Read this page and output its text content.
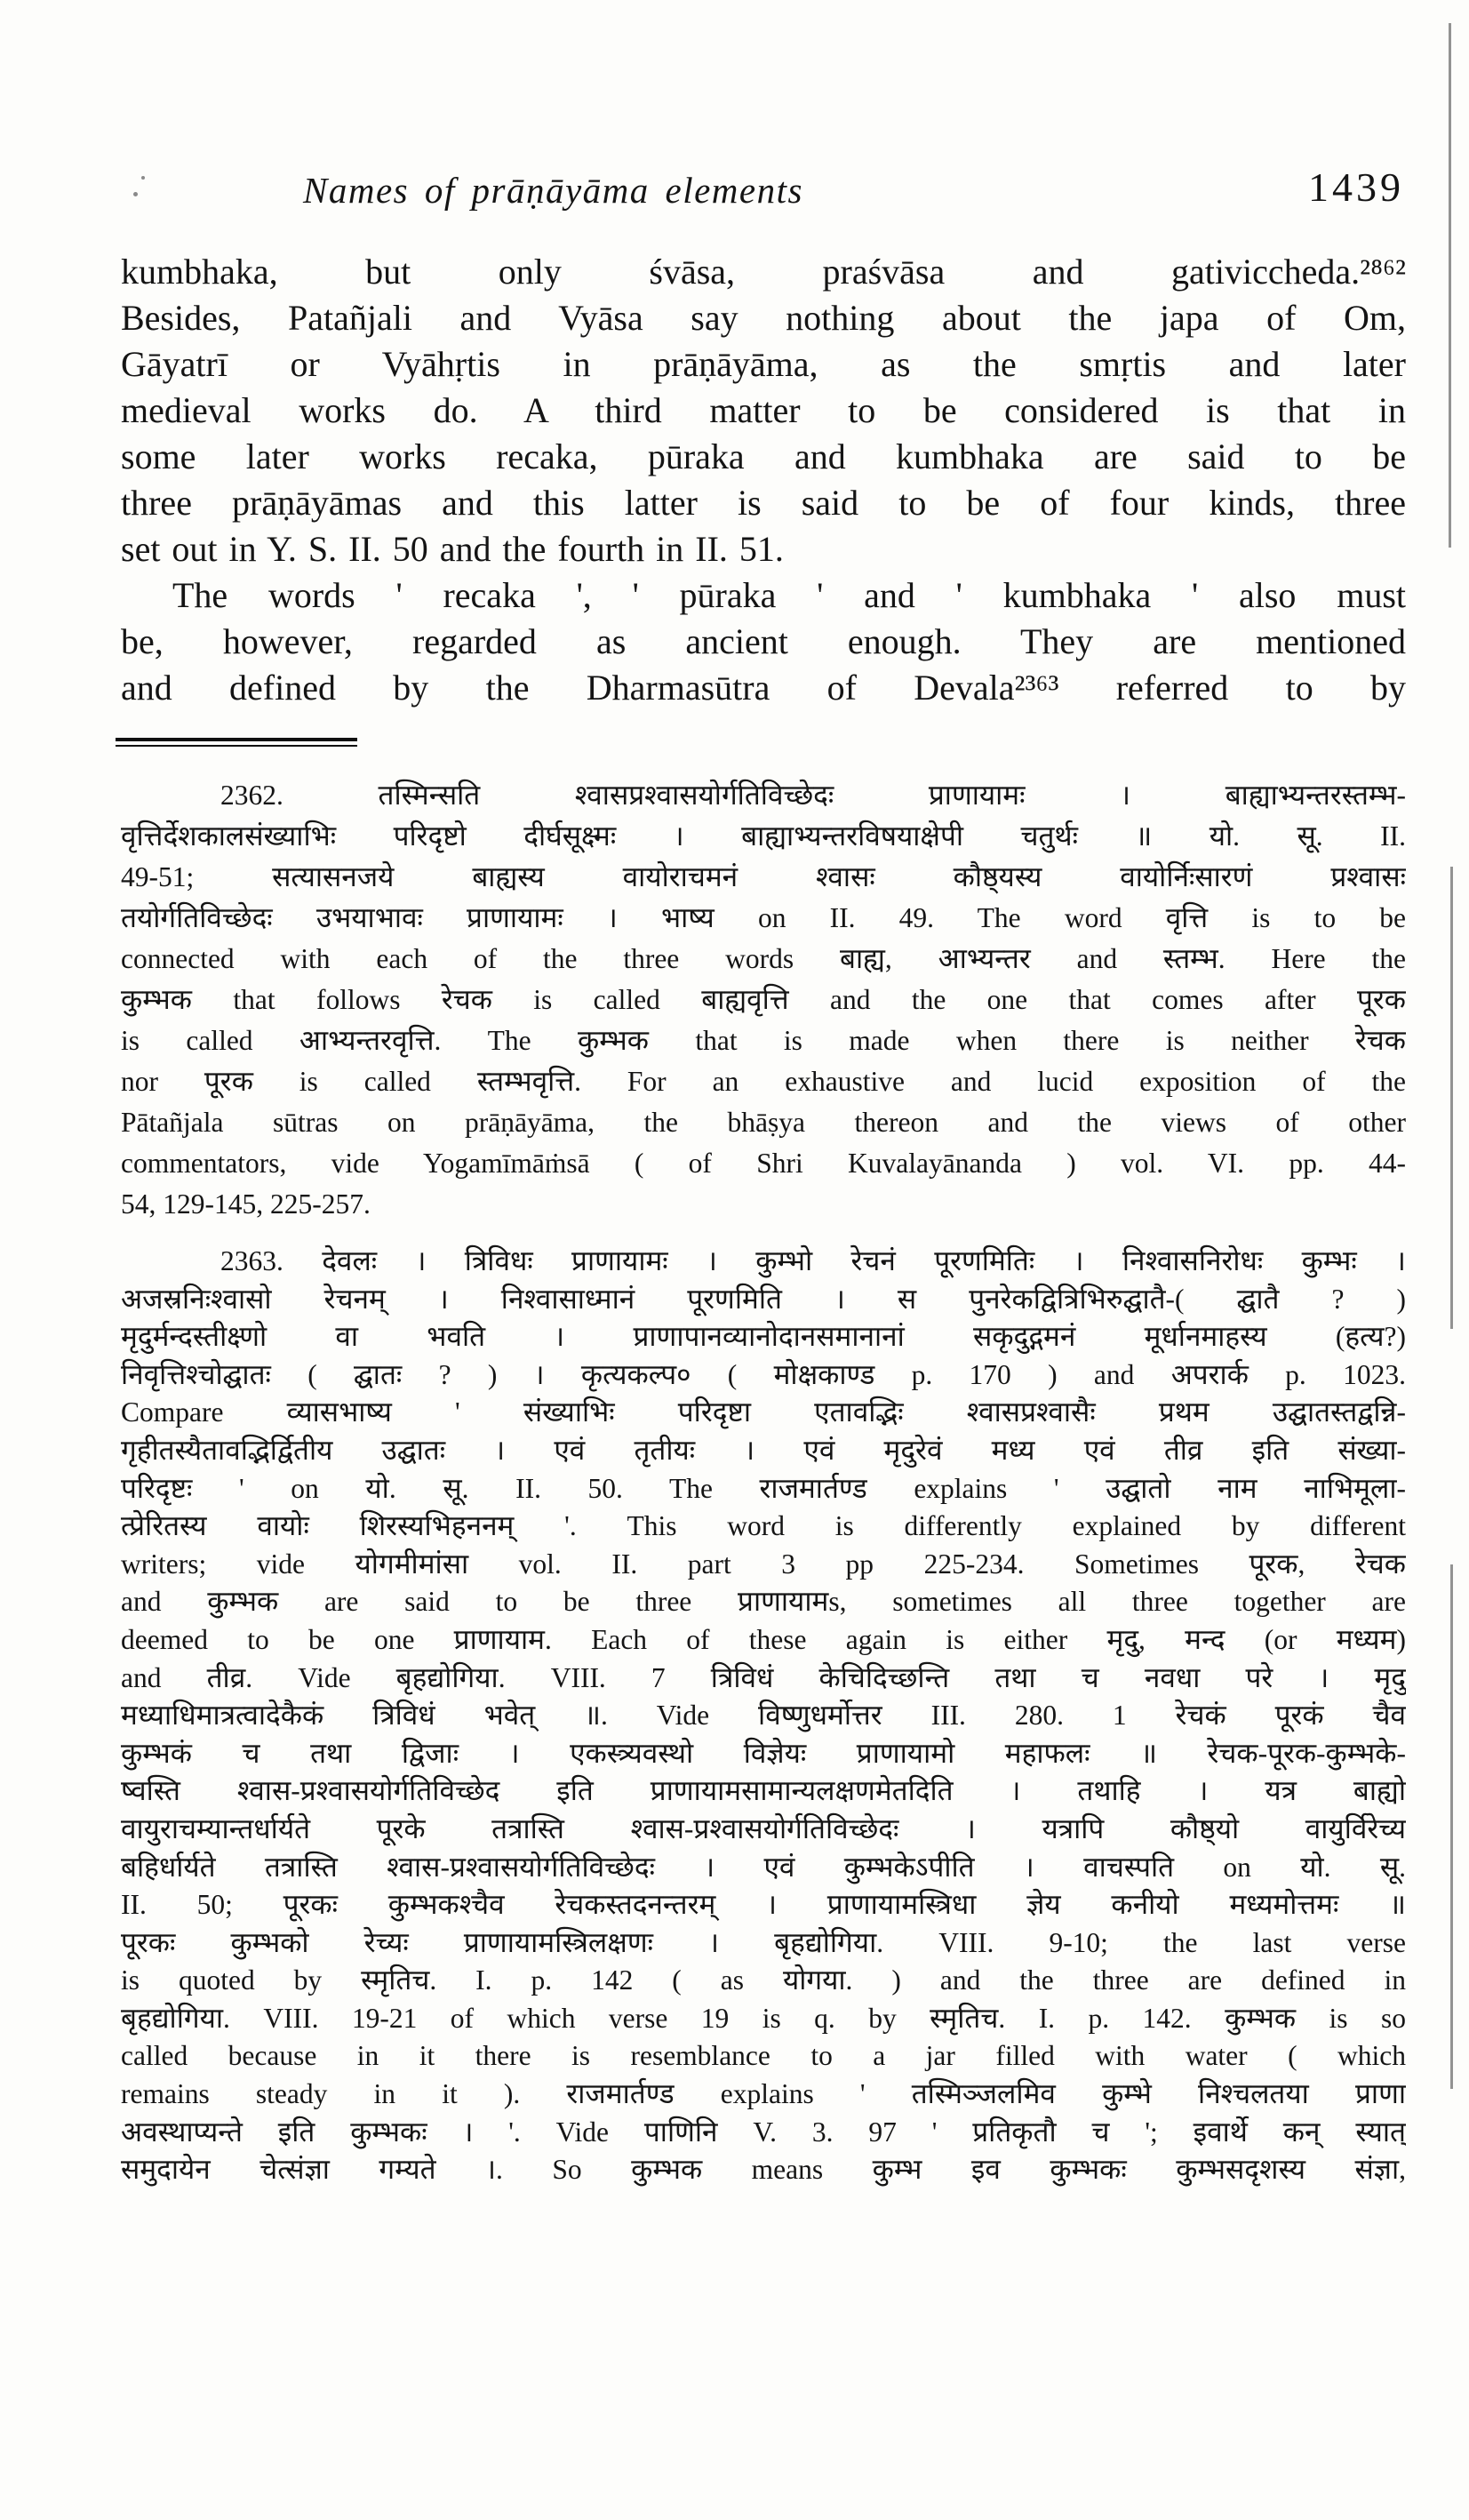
Names of prāṇāyāma elements	1439
kumbhaka, but only śvāsa, praśvāsa and gativiccheda.²⁸⁶²
Besides, Patañjali and Vyāsa say nothing about the japa of Om,
Gāyatrī or Vyāhṛtis in prāṇāyāma, as the smṛtis and later
medieval works do. A third matter to be considered is that in
some later works recaka, pūraka and kumbhaka are said to be
three prāṇāyāmas and this latter is said to be of four kinds, three
set out in Y. S. II. 50 and the fourth in II. 51.
The words ' recaka ', ' pūraka ' and ' kumbhaka ' also must
be, however, regarded as ancient enough. They are mentioned
and defined by the Dharmasūtra of Devala²³⁶³ referred to by
2362. तस्मिन्सति श्वासप्रश्वासयोर्गतिविच्छेदः प्राणायामः । बाह्याभ्यन्तरस्तम्भ-
वृत्तिर्देशकालसंख्याभिः परिदृष्टो दीर्घसूक्ष्मः । बाह्याभ्यन्तरविषयाक्षेपी चतुर्थः ॥ यो. सू. II.
49-51; सत्यासनजये बाह्यस्य वायोराचमनं श्वासः कौष्ठ्यस्य वायोर्निःसारणं प्रश्वासः
तयोर्गतिविच्छेदः उभयाभावः प्राणायामः । भाष्य on II. 49. The word वृत्ति is to be
connected with each of the three words बाह्य, आभ्यन्तर and स्तम्भ. Here the
कुम्भक that follows रेचक is called बाह्यवृत्ति and the one that comes after पूरक
is called आभ्यन्तरवृत्ति. The कुम्भक that is made when there is neither रेचक
nor पूरक is called स्तम्भवृत्ति. For an exhaustive and lucid exposition of the
Pātañjala sūtras on prāṇāyāma, the bhāṣya thereon and the views of other
commentators, vide Yogamīmāṁsā ( of Shri Kuvalayānanda ) vol. VI. pp. 44-
54, 129-145, 225-257.
2363. देवलः । त्रिविधः प्राणायामः । कुम्भो रेचनं पूरणमितिः । निश्वासनिरोधः कुम्भः ।
अजस्रनिःश्वासो रेचनम् । निश्वासाध्मानं पूरणमिति । स पुनरेकद्वित्रिभिरुद्घातै-( द्घातै ? )
मृदुर्मन्दस्तीक्ष्णो वा भवति । प्राणापानव्यानोदानसमानानां सकृदुद्गमनं मूर्धानमाहस्य (हत्य?)
निवृत्तिश्चोद्घातः ( द्घातः ? ) । कृत्यकल्प० ( मोक्षकाण्ड p. 170 ) and अपरार्क p. 1023.
Compare व्यासभाष्य ' संख्याभिः परिदृष्टा एतावद्भिः श्वासप्रश्वासैः प्रथम उद्घातस्तद्वन्नि-
गृहीतस्यैतावद्भिर्द्वितीय उद्घातः । एवं तृतीयः । एवं मृदुरेवं मध्य एवं तीव्र इति संख्या-
परिदृष्टः ' on यो. सू. II. 50. The राजमार्तण्ड explains ' उद्घातो नाम नाभिमूला-
त्प्रेरितस्य वायोः शिरस्यभिहननम् '. This word is differently explained by different
writers; vide योगमीमांसा vol. II. part 3 pp 225-234. Sometimes पूरक, रेचक
and कुम्भक are said to be three प्राणायामs, sometimes all three together are
deemed to be one प्राणायाम. Each of these again is either मृदु, मन्द (or मध्यम)
and तीव्र. Vide बृहद्योगिया. VIII. 7 त्रिविधं केचिदिच्छन्ति तथा च नवधा परे । मृदु
मध्याधिमात्रत्वादेकैकं त्रिविधं भवेत् ॥. Vide विष्णुधर्मोत्तर III. 280. 1 रेचकं पूरकं चैव
कुम्भकं च तथा द्विजाः । एकस्त्र्यवस्थो विज्ञेयः प्राणायामो महाफलः ॥ रेचक-पूरक-कुम्भके-
ष्वस्ति श्वास-प्रश्वासयोर्गतिविच्छेद इति प्राणायामसामान्यलक्षणमेतदिति । तथाहि । यत्र बाह्यो
वायुराचम्यान्तर्धार्यते पूरके तत्रास्ति श्वास-प्रश्वासयोर्गतिविच्छेदः । यत्रापि कौष्ठ्यो वायुर्विरेच्य
बहिर्धार्यते तत्रास्ति श्वास-प्रश्वासयोर्गतिविच्छेदः । एवं कुम्भकेऽपीति । वाचस्पति on यो. सू.
II. 50; पूरकः कुम्भकश्चैव रेचकस्तदनन्तरम् । प्राणायामस्त्रिधा ज्ञेय कनीयो मध्यमोत्तमः ॥
पूरकः कुम्भको रेच्यः प्राणायामस्त्रिलक्षणः । बृहद्योगिया. VIII. 9-10; the last verse
is quoted by स्मृतिच. I. p. 142 ( as योगया. ) and the three are defined in
बृहद्योगिया. VIII. 19-21 of which verse 19 is q. by स्मृतिच. I. p. 142. कुम्भक is so
called because in it there is resemblance to a jar filled with water ( which
remains steady in it ). राजमार्तण्ड explains ' तस्मिञ्जलमिव कुम्भे निश्चलतया प्राणा
अवस्थाप्यन्ते इति कुम्भकः । '. Vide पाणिनि V. 3. 97 ' प्रतिकृतौ च '; इवार्थे कन् स्यात्
समुदायेन चेत्संज्ञा गम्यते ।. So कुम्भक means कुम्भ इव कुम्भकः कुम्भसदृशस्य संज्ञा,
